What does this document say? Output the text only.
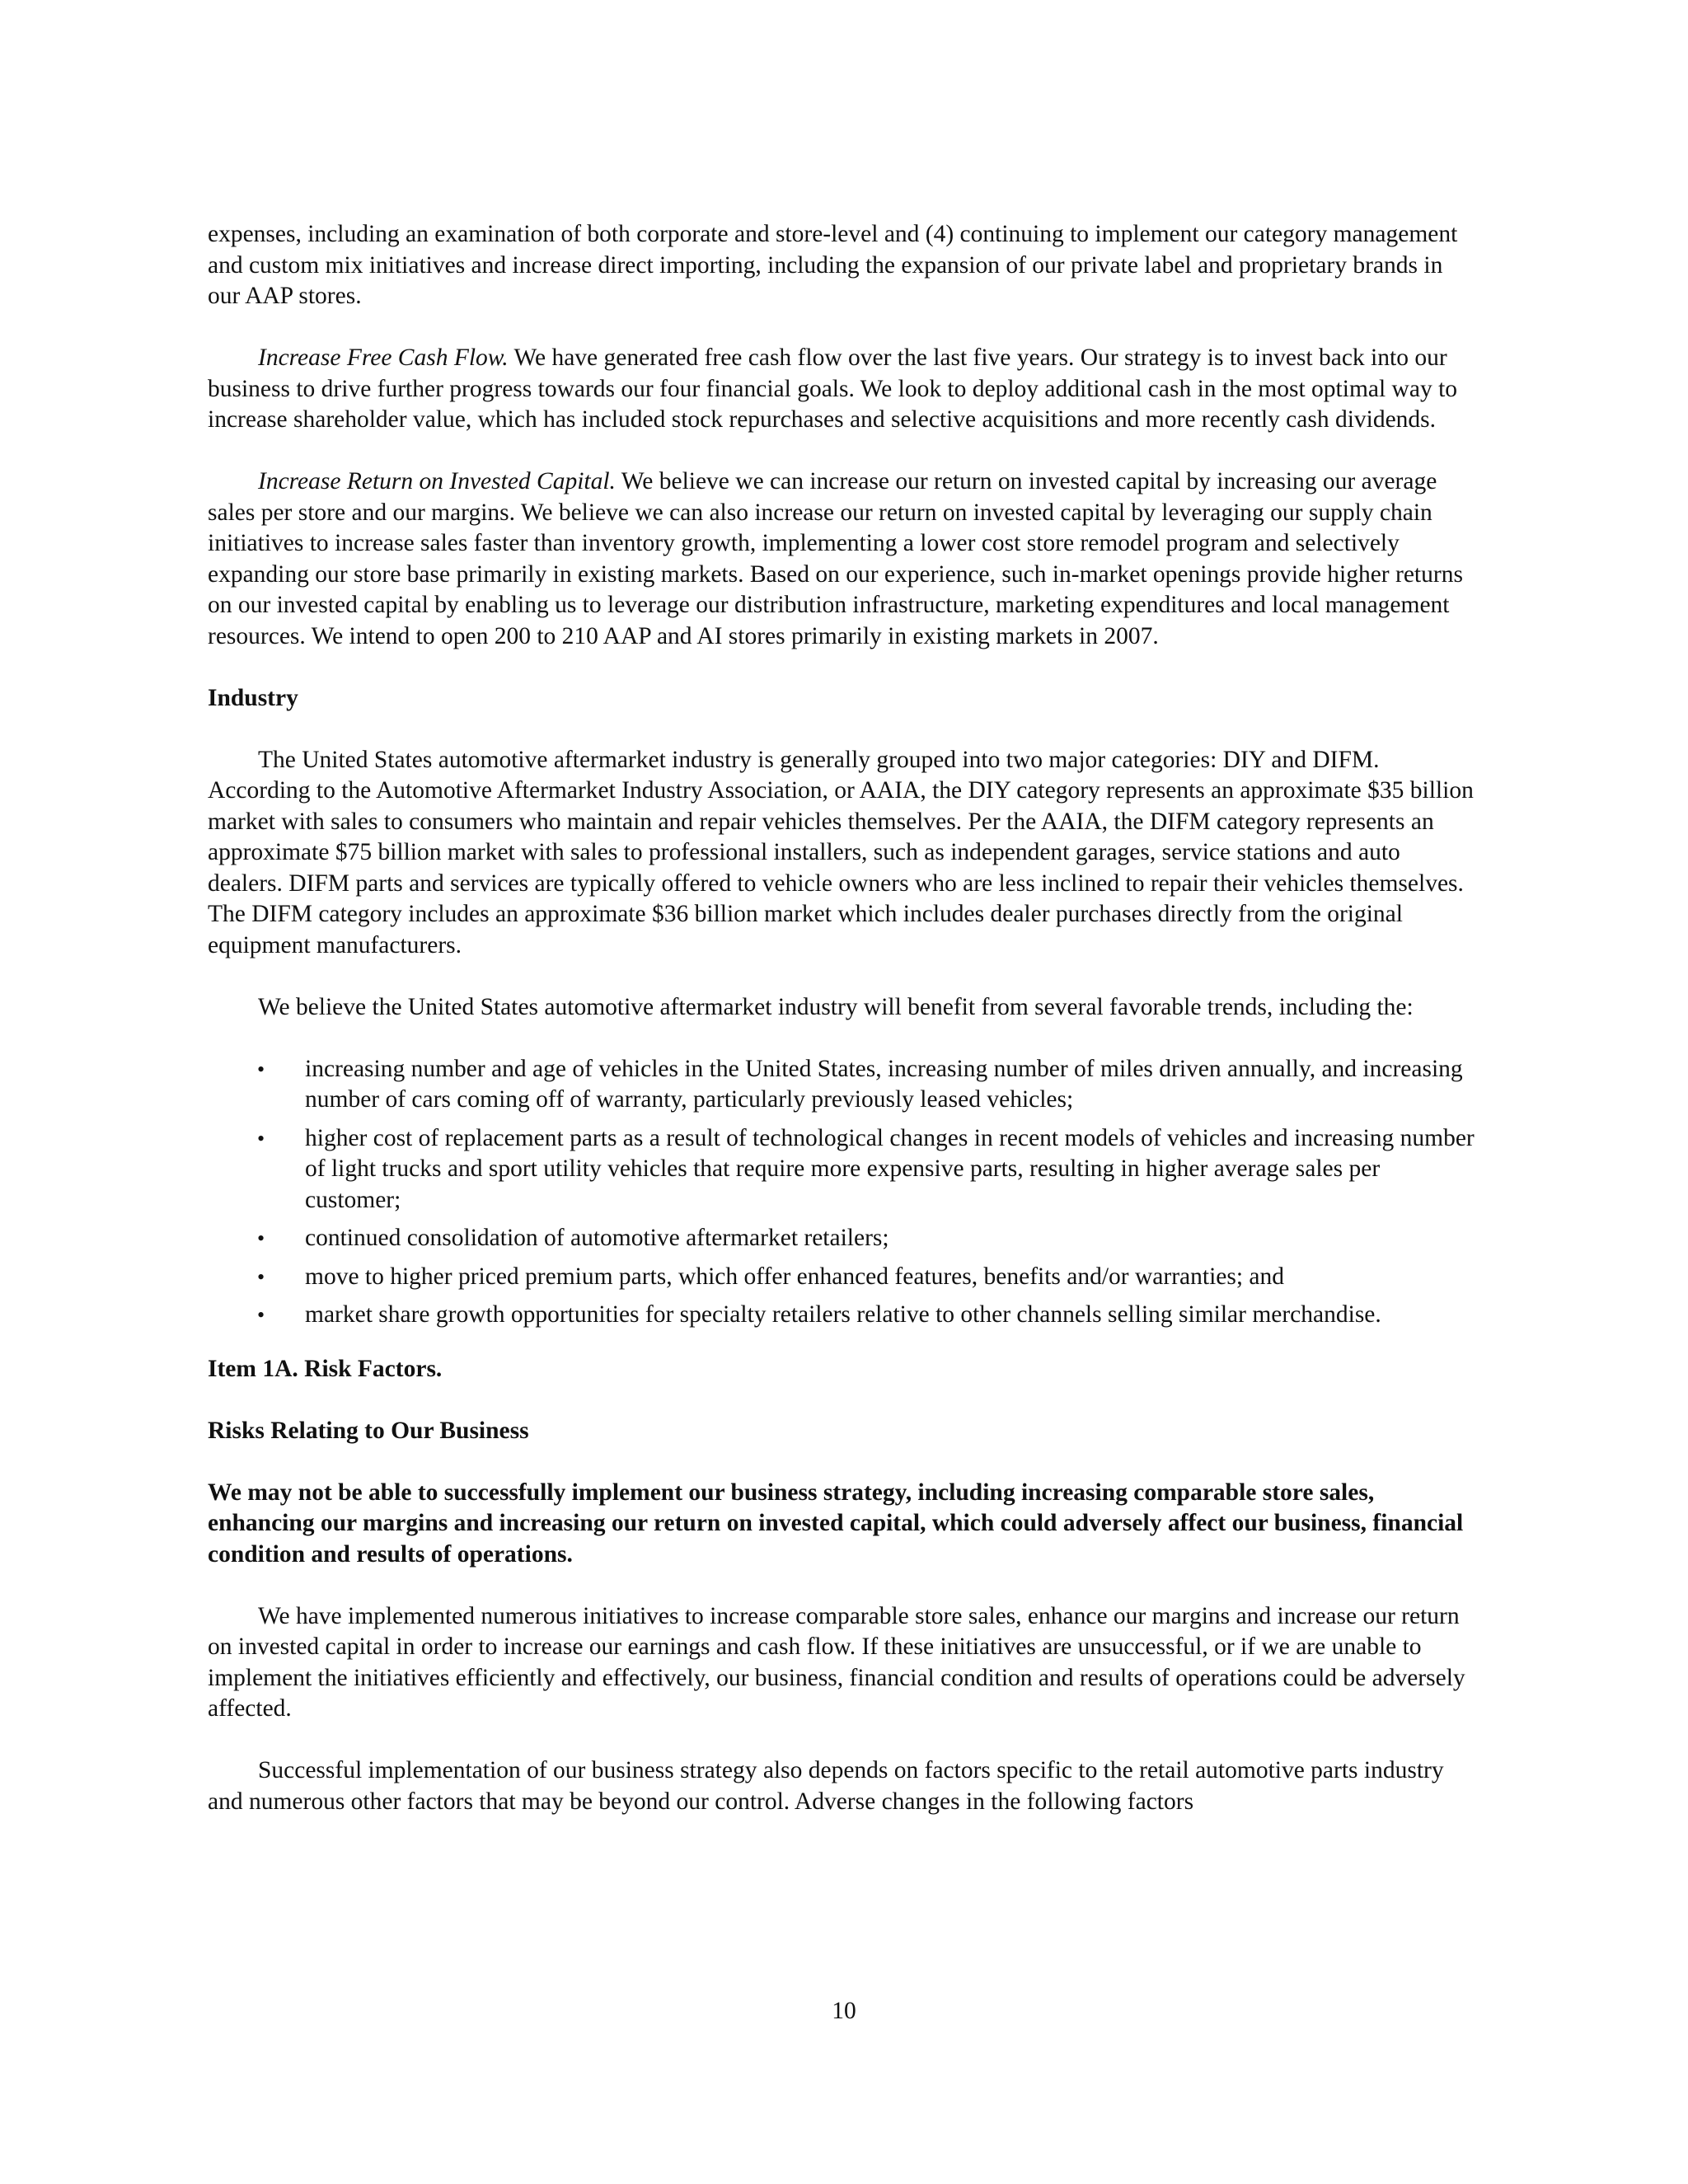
expenses, including an examination of both corporate and store-level and (4) continuing to implement our category management and custom mix initiatives and increase direct importing, including the expansion of our private label and proprietary brands in our AAP stores.

Increase Free Cash Flow. We have generated free cash flow over the last five years. Our strategy is to invest back into our business to drive further progress towards our four financial goals. We look to deploy additional cash in the most optimal way to increase shareholder value, which has included stock repurchases and selective acquisitions and more recently cash dividends.

Increase Return on Invested Capital. We believe we can increase our return on invested capital by increasing our average sales per store and our margins. We believe we can also increase our return on invested capital by leveraging our supply chain initiatives to increase sales faster than inventory growth, implementing a lower cost store remodel program and selectively expanding our store base primarily in existing markets. Based on our experience, such in-market openings provide higher returns on our invested capital by enabling us to leverage our distribution infrastructure, marketing expenditures and local management resources. We intend to open 200 to 210 AAP and AI stores primarily in existing markets in 2007.

Industry

The United States automotive aftermarket industry is generally grouped into two major categories: DIY and DIFM. According to the Automotive Aftermarket Industry Association, or AAIA, the DIY category represents an approximate $35 billion market with sales to consumers who maintain and repair vehicles themselves. Per the AAIA, the DIFM category represents an approximate $75 billion market with sales to professional installers, such as independent garages, service stations and auto dealers. DIFM parts and services are typically offered to vehicle owners who are less inclined to repair their vehicles themselves. The DIFM category includes an approximate $36 billion market which includes dealer purchases directly from the original equipment manufacturers.

We believe the United States automotive aftermarket industry will benefit from several favorable trends, including the:

• increasing number and age of vehicles in the United States, increasing number of miles driven annually, and increasing number of cars coming off of warranty, particularly previously leased vehicles;
• higher cost of replacement parts as a result of technological changes in recent models of vehicles and increasing number of light trucks and sport utility vehicles that require more expensive parts, resulting in higher average sales per customer;
• continued consolidation of automotive aftermarket retailers;
• move to higher priced premium parts, which offer enhanced features, benefits and/or warranties; and
• market share growth opportunities for specialty retailers relative to other channels selling similar merchandise.

Item 1A. Risk Factors.

Risks Relating to Our Business

We may not be able to successfully implement our business strategy, including increasing comparable store sales, enhancing our margins and increasing our return on invested capital, which could adversely affect our business, financial condition and results of operations.

We have implemented numerous initiatives to increase comparable store sales, enhance our margins and increase our return on invested capital in order to increase our earnings and cash flow. If these initiatives are unsuccessful, or if we are unable to implement the initiatives efficiently and effectively, our business, financial condition and results of operations could be adversely affected.

Successful implementation of our business strategy also depends on factors specific to the retail automotive parts industry and numerous other factors that may be beyond our control. Adverse changes in the following factors

10
